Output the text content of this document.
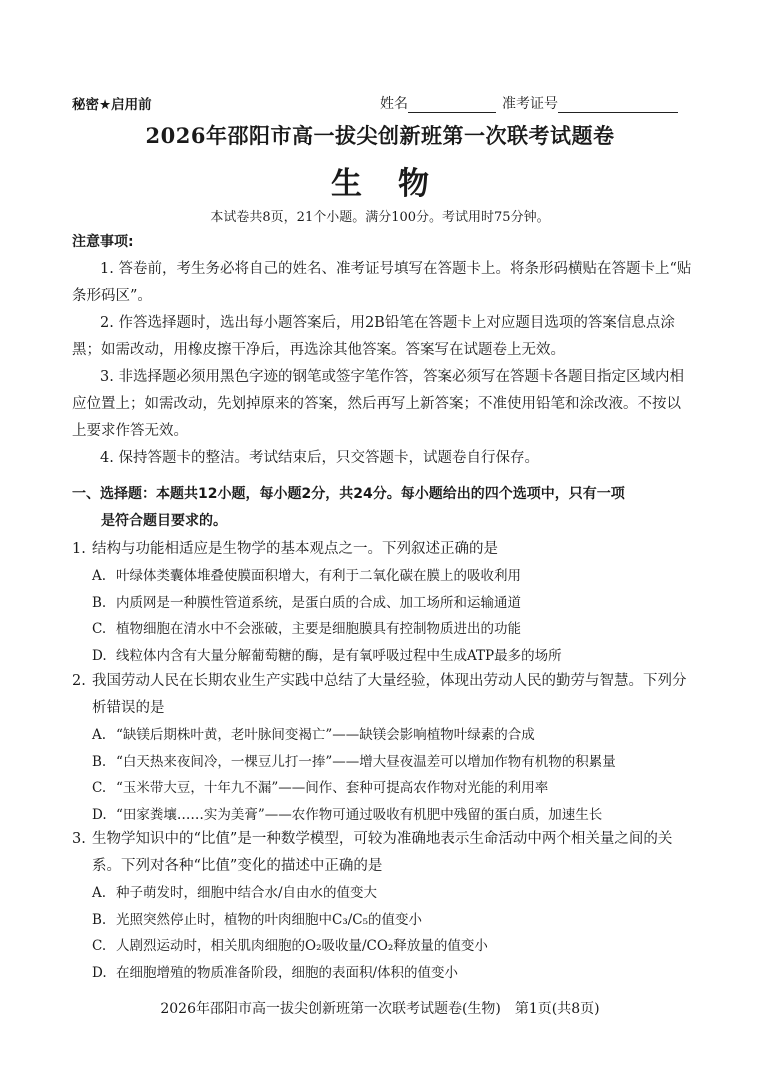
秘密★启用前	姓名	准考证号
2026年邵阳市高一拔尖创新班第一次联考试题卷
生物
本试卷共8页，21个小题。满分100分。考试用时75分钟。
注意事项:

1. 答卷前，考生务必将自己的姓名、准考证号填写在答题卡上。将条形码横贴在答题卡上“贴条形码区”。

2. 作答选择题时，选出每小题答案后，用2B铅笔在答题卡上对应题目选项的答案信息点涂黑；如需改动，用橡皮擦干净后，再选涂其他答案。答案写在试题卷上无效。

3. 非选择题必须用黑色字迹的钢笔或签字笔作答，答案必须写在答题卡各题目指定区域内相应位置上；如需改动，先划掉原来的答案，然后再写上新答案；不准使用铅笔和涂改液。不按以上要求作答无效。

4. 保持答题卡的整洁。考试结束后，只交答题卡，试题卷自行保存。

一、选择题：本题共12小题，每小题2分，共24分。每小题给出的四个选项中，只有一项
是符合题目要求的。
1. 结构与功能相适应是生物学的基本观点之一。下列叙述正确的是
A. 叶绿体类囊体堆叠使膜面积增大，有利于二氧化碳在膜上的吸收利用
B. 内质网是一种膜性管道系统，是蛋白质的合成、加工场所和运输通道
C. 植物细胞在清水中不会涨破，主要是细胞膜具有控制物质进出的功能
D. 线粒体内含有大量分解葡萄糖的酶，是有氧呼吸过程中生成ATP最多的场所
2. 我国劳动人民在长期农业生产实践中总结了大量经验，体现出劳动人民的勤劳与智慧。下列分析错误的是
A. “缺镁后期株叶黄，老叶脉间变褐亡”——缺镁会影响植物叶绿素的合成
B. “白天热来夜间冷，一棵豆儿打一捧”——增大昼夜温差可以增加作物有机物的积累量
C. “玉米带大豆，十年九不漏”——间作、套种可提高农作物对光能的利用率
D. “田家粪壤……实为美膏”——农作物可通过吸收有机肥中残留的蛋白质，加速生长
3. 生物学知识中的“比值”是一种数学模型，可较为准确地表示生命活动中两个相关量之间的关系。下列对各种“比值”变化的描述中正确的是
A. 种子萌发时，细胞中结合水/自由水的值变大
B. 光照突然停止时，植物的叶肉细胞中C₃/C₅的值变小
C. 人剧烈运动时，相关肌肉细胞的O₂吸收量/CO₂释放量的值变小
D. 在细胞增殖的物质准备阶段，细胞的表面积/体积的值变小
2026年邵阳市高一拔尖创新班第一次联考试题卷(生物)　第1页(共8页)
